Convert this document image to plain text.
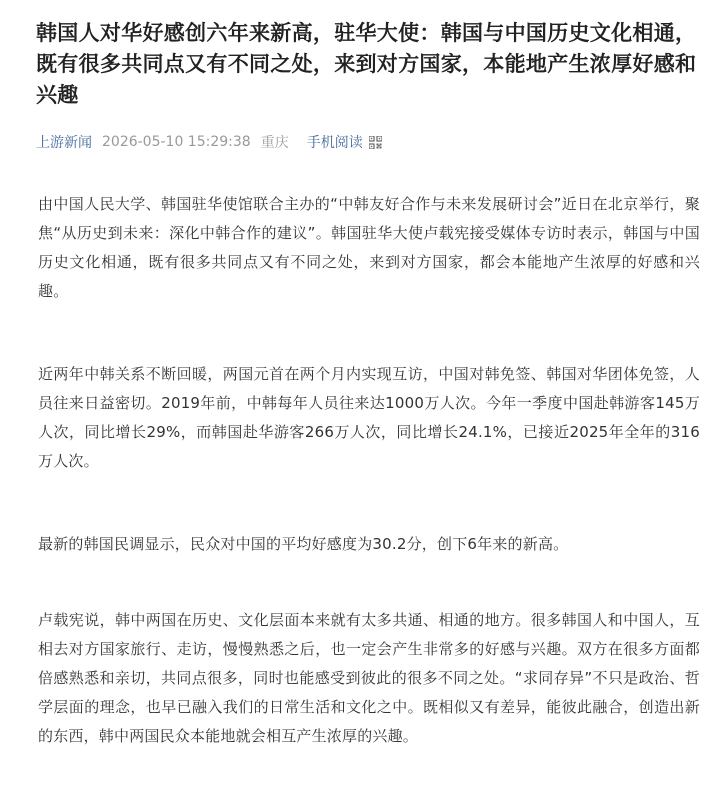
韩国人对华好感创六年来新高，驻华大使：韩国与中国历史文化相通，既有很多共同点又有不同之处，来到对方国家，本能地产生浓厚好感和兴趣
上游新闻 2026-05-10 15:29:38 重庆 手机阅读

由中国人民大学、韩国驻华使馆联合主办的“中韩友好合作与未来发展研讨会”近日在北京举行，聚焦“从历史到未来：深化中韩合作的建议”。韩国驻华大使卢载宪接受媒体专访时表示，韩国与中国历史文化相通，既有很多共同点又有不同之处，来到对方国家，都会本能地产生浓厚的好感和兴趣。

近两年中韩关系不断回暖，两国元首在两个月内实现互访，中国对韩免签、韩国对华团体免签，人员往来日益密切。2019年前，中韩每年人员往来达1000万人次。今年一季度中国赴韩游客145万人次，同比增长29%，而韩国赴华游客266万人次，同比增长24.1%，已接近2025年全年的316万人次。

最新的韩国民调显示，民众对中国的平均好感度为30.2分，创下6年来的新高。

卢载宪说，韩中两国在历史、文化层面本来就有太多共通、相通的地方。很多韩国人和中国人，互相去对方国家旅行、走访，慢慢熟悉之后，也一定会产生非常多的好感与兴趣。双方在很多方面都倍感熟悉和亲切，共同点很多，同时也能感受到彼此的很多不同之处。“求同存异”不只是政治、哲学层面的理念，也早已融入我们的日常生活和文化之中。既相似又有差异，能彼此融合，创造出新的东西，韩中两国民众本能地就会相互产生浓厚的兴趣。
